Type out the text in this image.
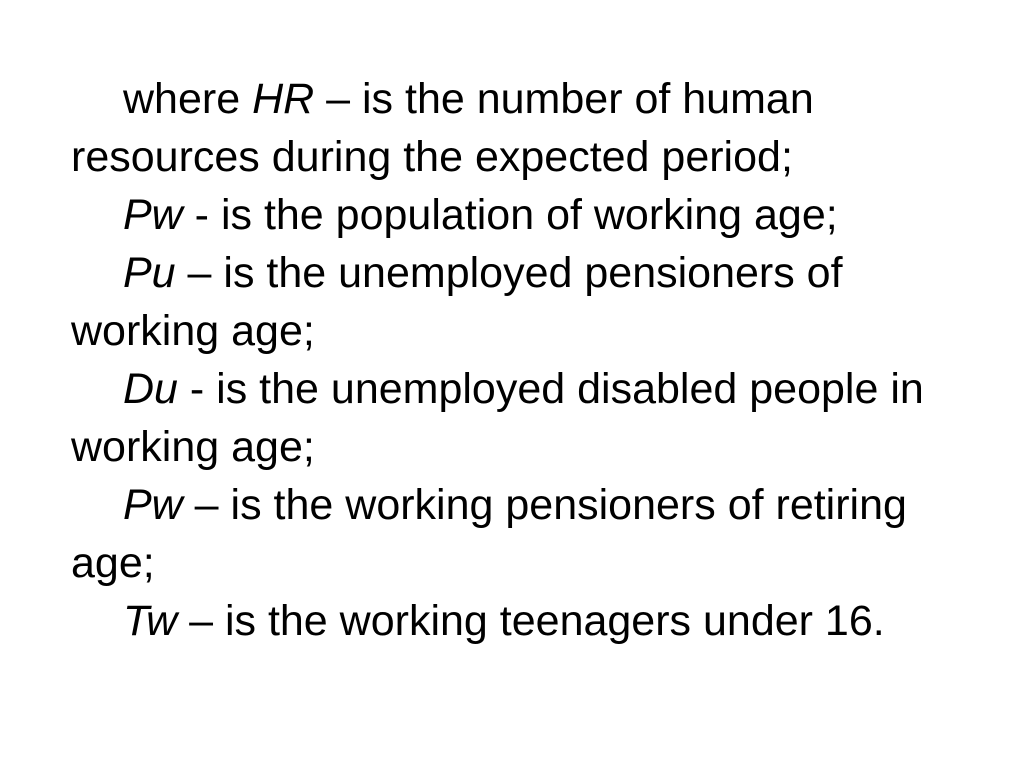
where HR – is the number of human resources during the expected period;

Pw - is the population of working age;

Pu – is the unemployed pensioners of working age;

Du - is the unemployed disabled people in working age;

Pw – is the working pensioners of retiring age;

Tw – is the working teenagers under 16.
